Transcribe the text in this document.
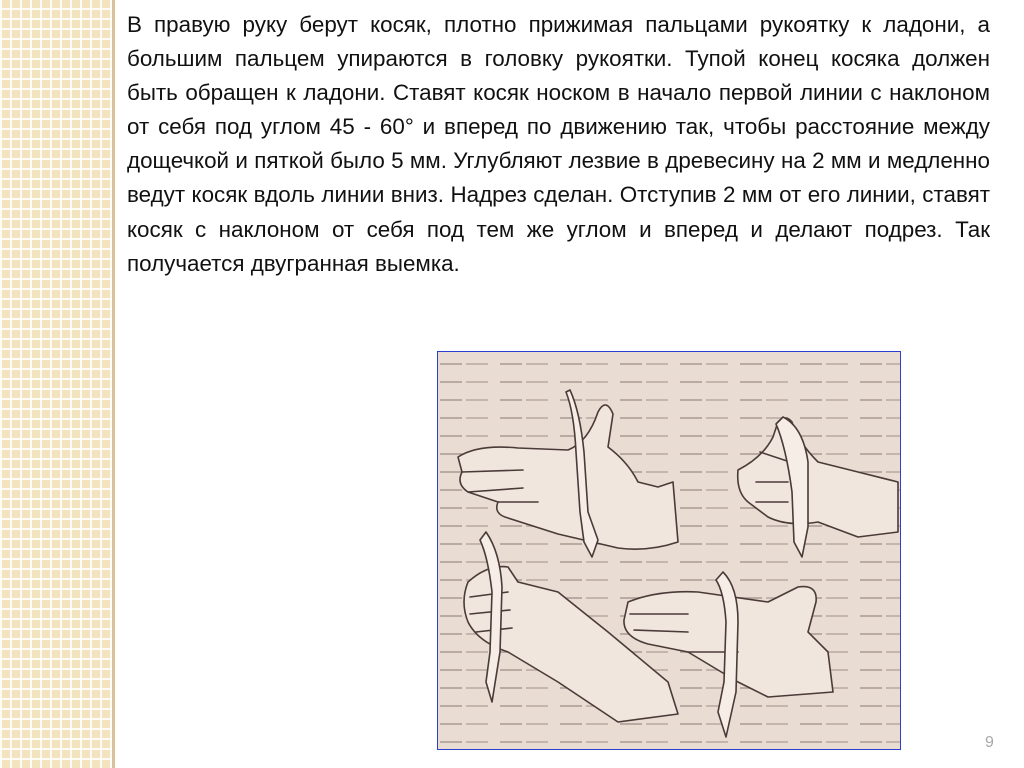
В правую руку берут косяк, плотно прижимая пальцами рукоятку к ладони, а большим пальцем упираются в головку рукоятки. Тупой конец косяка должен быть обращен к ладони. Ставят косяк носком в начало первой линии с наклоном от себя под углом 45 - 60° и вперед по движению так, чтобы расстояние между дощечкой и пяткой было 5 мм. Углубляют лезвие в древесину на 2 мм и медленно ведут косяк вдоль линии вниз. Надрез сделан. Отступив 2 мм от его линии, ставят косяк с наклоном от себя под тем же углом и вперед и делают подрез. Так получается двугранная выемка.

9
